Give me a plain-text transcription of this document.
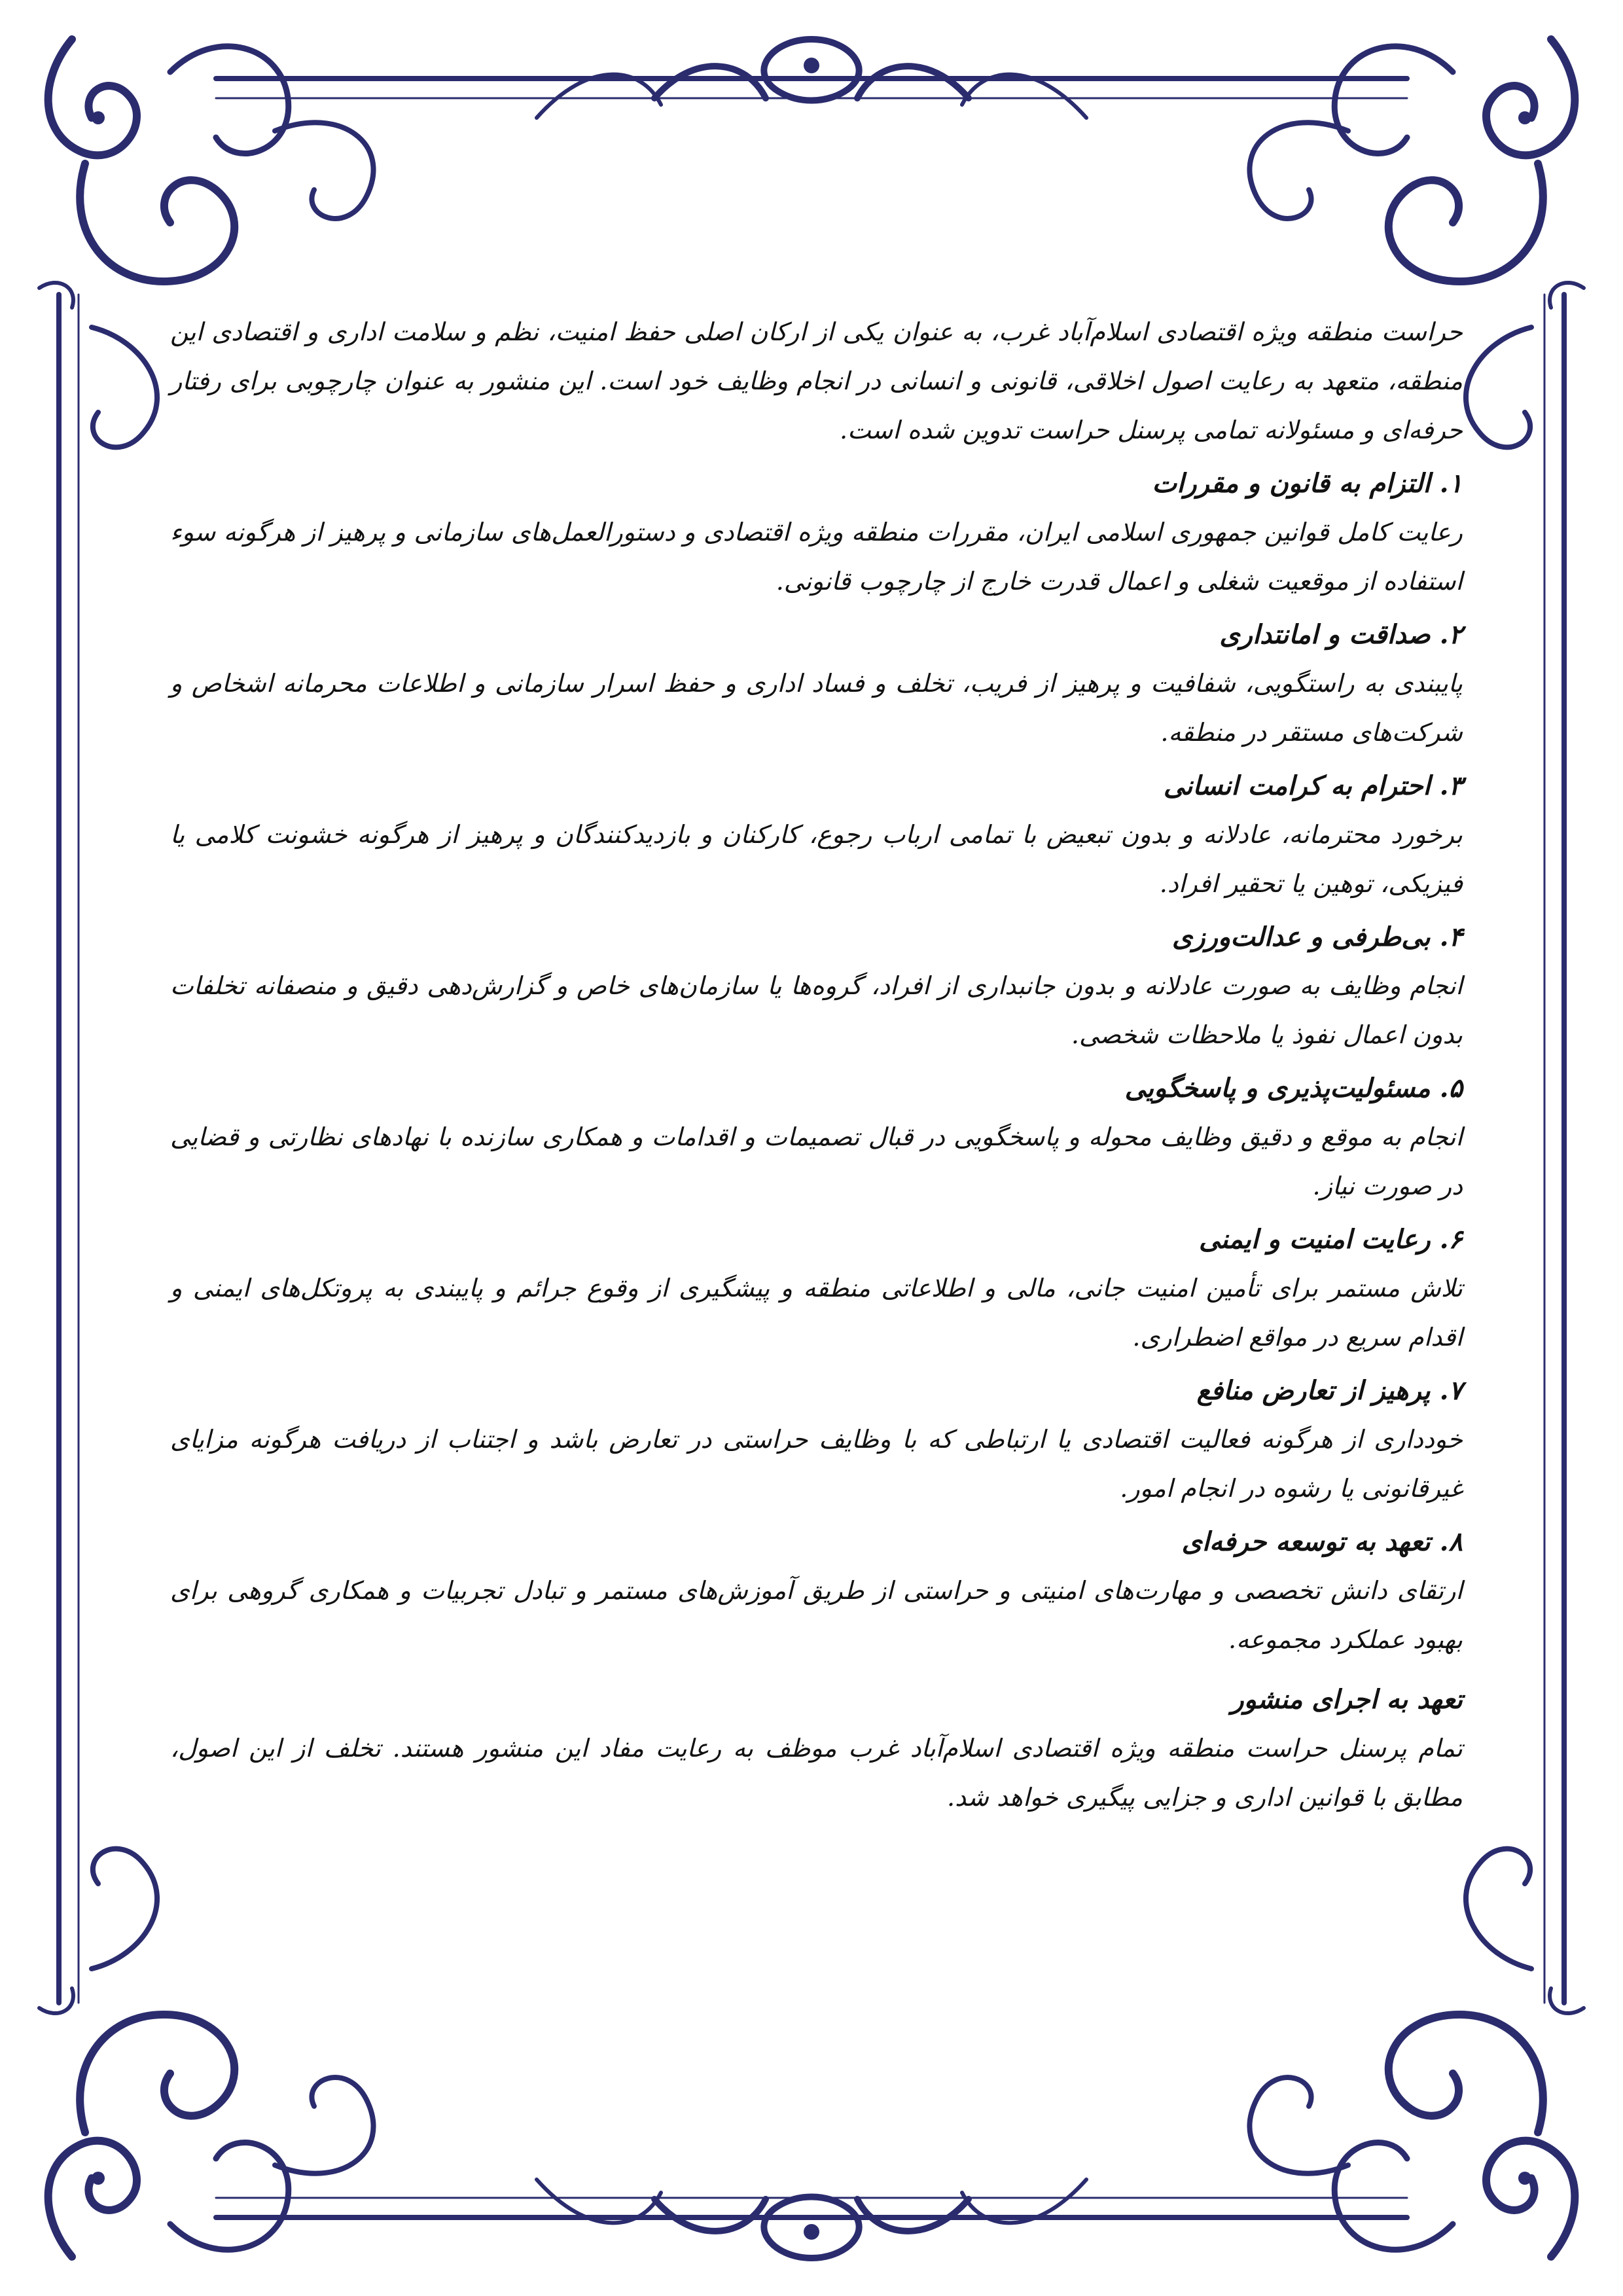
حراست منطقه ویژه اقتصادی اسلام‌آباد غرب، به عنوان یکی از ارکان اصلی حفظ امنیت، نظم و سلامت اداری و اقتصادی این منطقه، متعهد به رعایت اصول اخلاقی، قانونی و انسانی در انجام وظایف خود است. این منشور به عنوان چارچوبی برای رفتار حرفه‌ای و مسئولانه تمامی پرسنل حراست تدوین شده است.

۱. التزام به قانون و مقررات

رعایت کامل قوانین جمهوری اسلامی ایران، مقررات منطقه ویژه اقتصادی و دستورالعمل‌های سازمانی و پرهیز از هرگونه سوء استفاده از موقعیت شغلی و اعمال قدرت خارج از چارچوب قانونی.

۲. صداقت و امانتداری

پایبندی به راستگویی، شفافیت و پرهیز از فریب، تخلف و فساد اداری و حفظ اسرار سازمانی و اطلاعات محرمانه اشخاص و شرکت‌های مستقر در منطقه.

۳. احترام به کرامت انسانی

برخورد محترمانه، عادلانه و بدون تبعیض با تمامی ارباب رجوع، کارکنان و بازدیدکنندگان و پرهیز از هرگونه خشونت کلامی یا فیزیکی، توهین یا تحقیر افراد.

۴. بی‌طرفی و عدالت‌ورزی

انجام وظایف به صورت عادلانه و بدون جانبداری از افراد، گروه‌ها یا سازمان‌های خاص و گزارش‌دهی دقیق و منصفانه تخلفات بدون اعمال نفوذ یا ملاحظات شخصی.

۵. مسئولیت‌پذیری و پاسخگویی

انجام به موقع و دقیق وظایف محوله و پاسخگویی در قبال تصمیمات و اقدامات و همکاری سازنده با نهادهای نظارتی و قضایی در صورت نیاز.

۶. رعایت امنیت و ایمنی

تلاش مستمر برای تأمین امنیت جانی، مالی و اطلاعاتی منطقه و پیشگیری از وقوع جرائم و پایبندی به پروتکل‌های ایمنی و اقدام سریع در مواقع اضطراری.

۷. پرهیز از تعارض منافع

خودداری از هرگونه فعالیت اقتصادی یا ارتباطی که با وظایف حراستی در تعارض باشد و اجتناب از دریافت هرگونه مزایای غیرقانونی یا رشوه در انجام امور.

۸. تعهد به توسعه حرفه‌ای

ارتقای دانش تخصصی و مهارت‌های امنیتی و حراستی از طریق آموزش‌های مستمر و تبادل تجربیات و همکاری گروهی برای بهبود عملکرد مجموعه.

تعهد به اجرای منشور

تمام پرسنل حراست منطقه ویژه اقتصادی اسلام‌آباد غرب موظف به رعایت مفاد این منشور هستند. تخلف از این اصول، مطابق با قوانین اداری و جزایی پیگیری خواهد شد.
